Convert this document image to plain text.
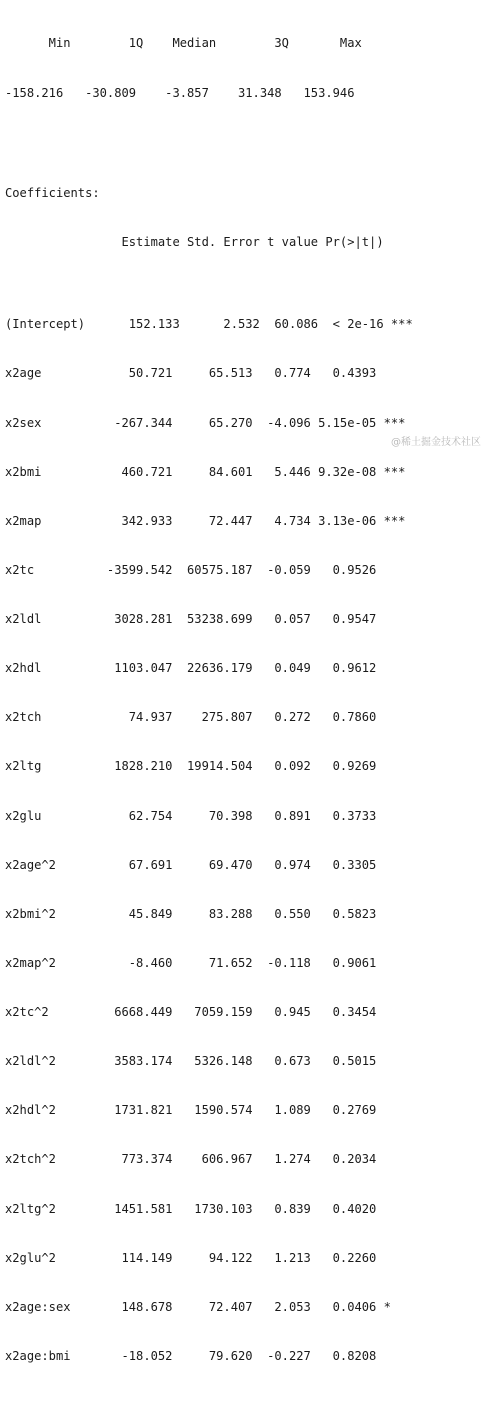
Min        1Q    Median        3Q       Max

-158.216   -30.809    -3.857    31.348   153.946

Coefficients:

Estimate Std. Error t value Pr(>|t|)

(Intercept)      152.133      2.532  60.086  < 2e-16 ***

x2age            50.721     65.513   0.774   0.4393

x2sex          -267.344     65.270  -4.096 5.15e-05 ***

x2bmi           460.721     84.601   5.446 9.32e-08 ***

x2map           342.933     72.447   4.734 3.13e-06 ***

x2tc          -3599.542  60575.187  -0.059   0.9526

x2ldl          3028.281  53238.699   0.057   0.9547

x2hdl          1103.047  22636.179   0.049   0.9612

x2tch            74.937    275.807   0.272   0.7860

x2ltg          1828.210  19914.504   0.092   0.9269

x2glu            62.754     70.398   0.891   0.3733

x2age^2          67.691     69.470   0.974   0.3305

x2bmi^2          45.849     83.288   0.550   0.5823

x2map^2          -8.460     71.652  -0.118   0.9061

x2tc^2         6668.449   7059.159   0.945   0.3454

x2ldl^2        3583.174   5326.148   0.673   0.5015

x2hdl^2        1731.821   1590.574   1.089   0.2769

x2tch^2         773.374    606.967   1.274   0.2034

x2ltg^2        1451.581   1730.103   0.839   0.4020

x2glu^2         114.149     94.122   1.213   0.2260

x2age:sex       148.678     72.407   2.053   0.0406 *

x2age:bmi       -18.052     79.620  -0.227   0.8208

@稀土掘金技术社区
